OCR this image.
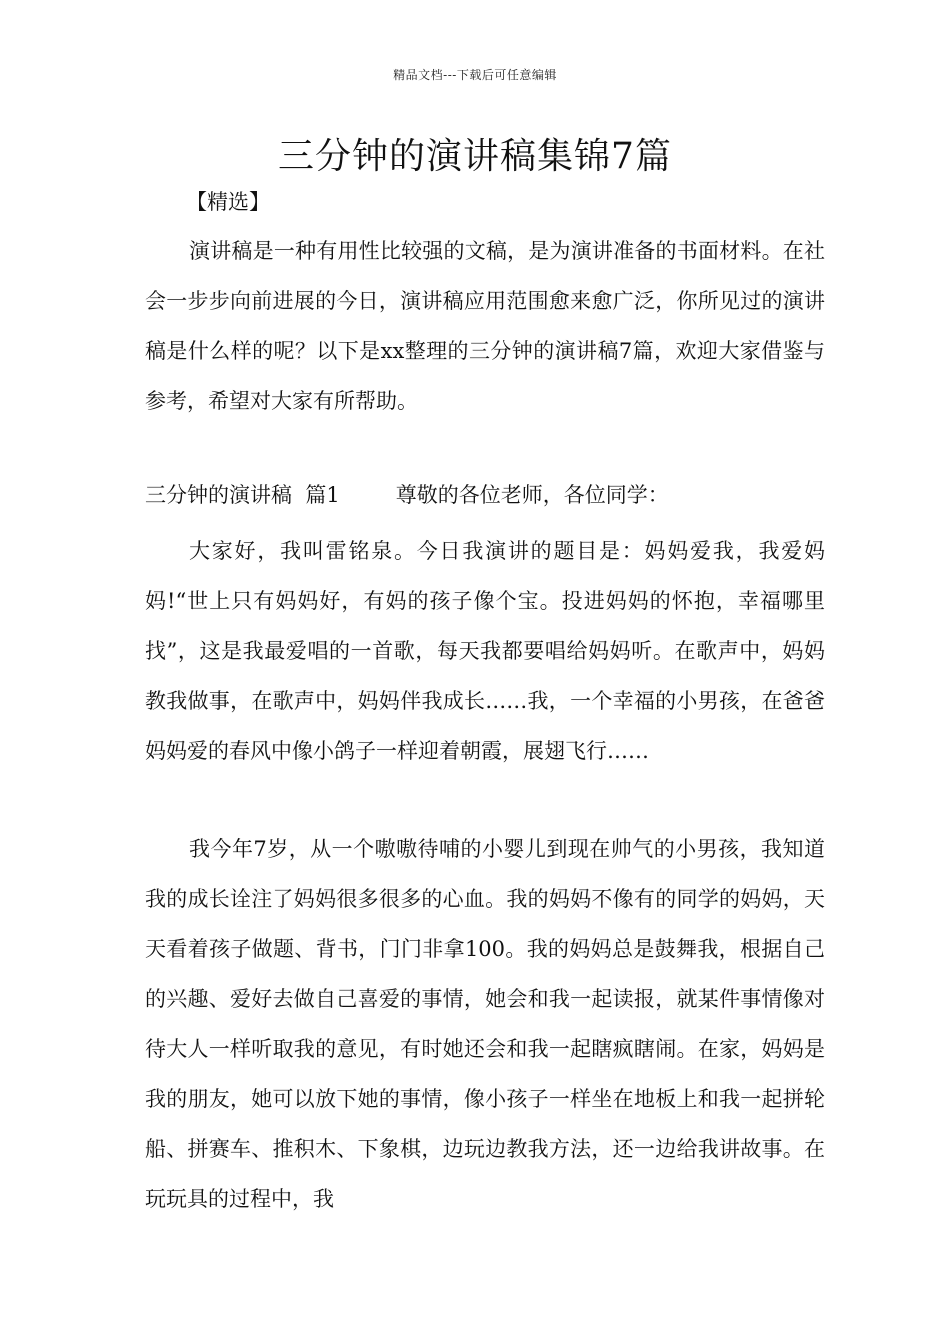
精品文档---下载后可任意编辑
三分钟的演讲稿集锦7篇
【精选】

演讲稿是一种有用性比较强的文稿，是为演讲准备的书面材料。在社会一步步向前进展的今日，演讲稿应用范围愈来愈广泛，你所见过的演讲稿是什么样的呢？以下是xx整理的三分钟的演讲稿7篇，欢迎大家借鉴与参考，希望对大家有所帮助。

三分钟的演讲稿  篇1	尊敬的各位老师，各位同学：

大家好，我叫雷铭泉。今日我演讲的题目是：妈妈爱我，我爱妈妈!“世上只有妈妈好，有妈的孩子像个宝。投进妈妈的怀抱，幸福哪里找”，这是我最爱唱的一首歌，每天我都要唱给妈妈听。在歌声中，妈妈教我做事，在歌声中，妈妈伴我成长……我，一个幸福的小男孩，在爸爸妈妈爱的春风中像小鸽子一样迎着朝霞，展翅飞行……

我今年7岁，从一个嗷嗷待哺的小婴儿到现在帅气的小男孩，我知道我的成长诠注了妈妈很多很多的心血。我的妈妈不像有的同学的妈妈，天天看着孩子做题、背书，门门非拿100。我的妈妈总是鼓舞我，根据自己的兴趣、爱好去做自己喜爱的事情，她会和我一起读报，就某件事情像对待大人一样听取我的意见，有时她还会和我一起瞎疯瞎闹。在家，妈妈是我的朋友，她可以放下她的事情，像小孩子一样坐在地板上和我一起拼轮船、拼赛车、推积木、下象棋，边玩边教我方法，还一边给我讲故事。在玩玩具的过程中，我
